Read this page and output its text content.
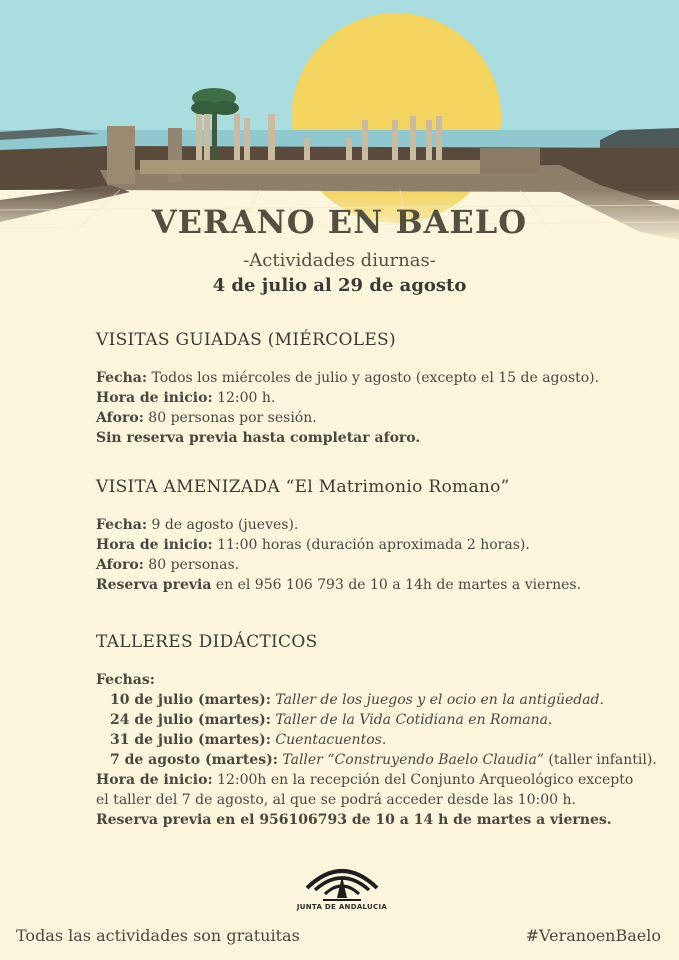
VERANO EN BAELO
-Actividades diurnas-
4 de julio al 29 de agosto
VISITAS GUIADAS (MIÉRCOLES)
Fecha: Todos los miércoles de julio y agosto (excepto el 15 de agosto).
Hora de inicio: 12:00 h.
Aforo: 80 personas por sesión.
Sin reserva previa hasta completar aforo.
VISITA AMENIZADA “El Matrimonio Romano”
Fecha: 9 de agosto (jueves).
Hora de inicio: 11:00 horas (duración aproximada 2 horas).
Aforo: 80 personas.
Reserva previa en el 956 106 793 de 10 a 14h de martes a viernes.
TALLERES DIDÁCTICOS
Fechas:
10 de julio (martes): Taller de los juegos y el ocio en la antigüedad.
24 de julio (martes): Taller de la Vida Cotidiana en Romana.
31 de julio (martes): Cuentacuentos.
7 de agosto (martes): Taller “Construyendo Baelo Claudia” (taller infantil).
Hora de inicio: 12:00h en la recepción del Conjunto Arqueológico excepto
el taller del 7 de agosto, al que se podrá acceder desde las 10:00 h.
Reserva previa en el 956106793 de 10 a 14 h de martes a viernes.
JUNTA DE ANDALUCIA
Todas las actividades son gratuitas	#VeranoenBaelo
